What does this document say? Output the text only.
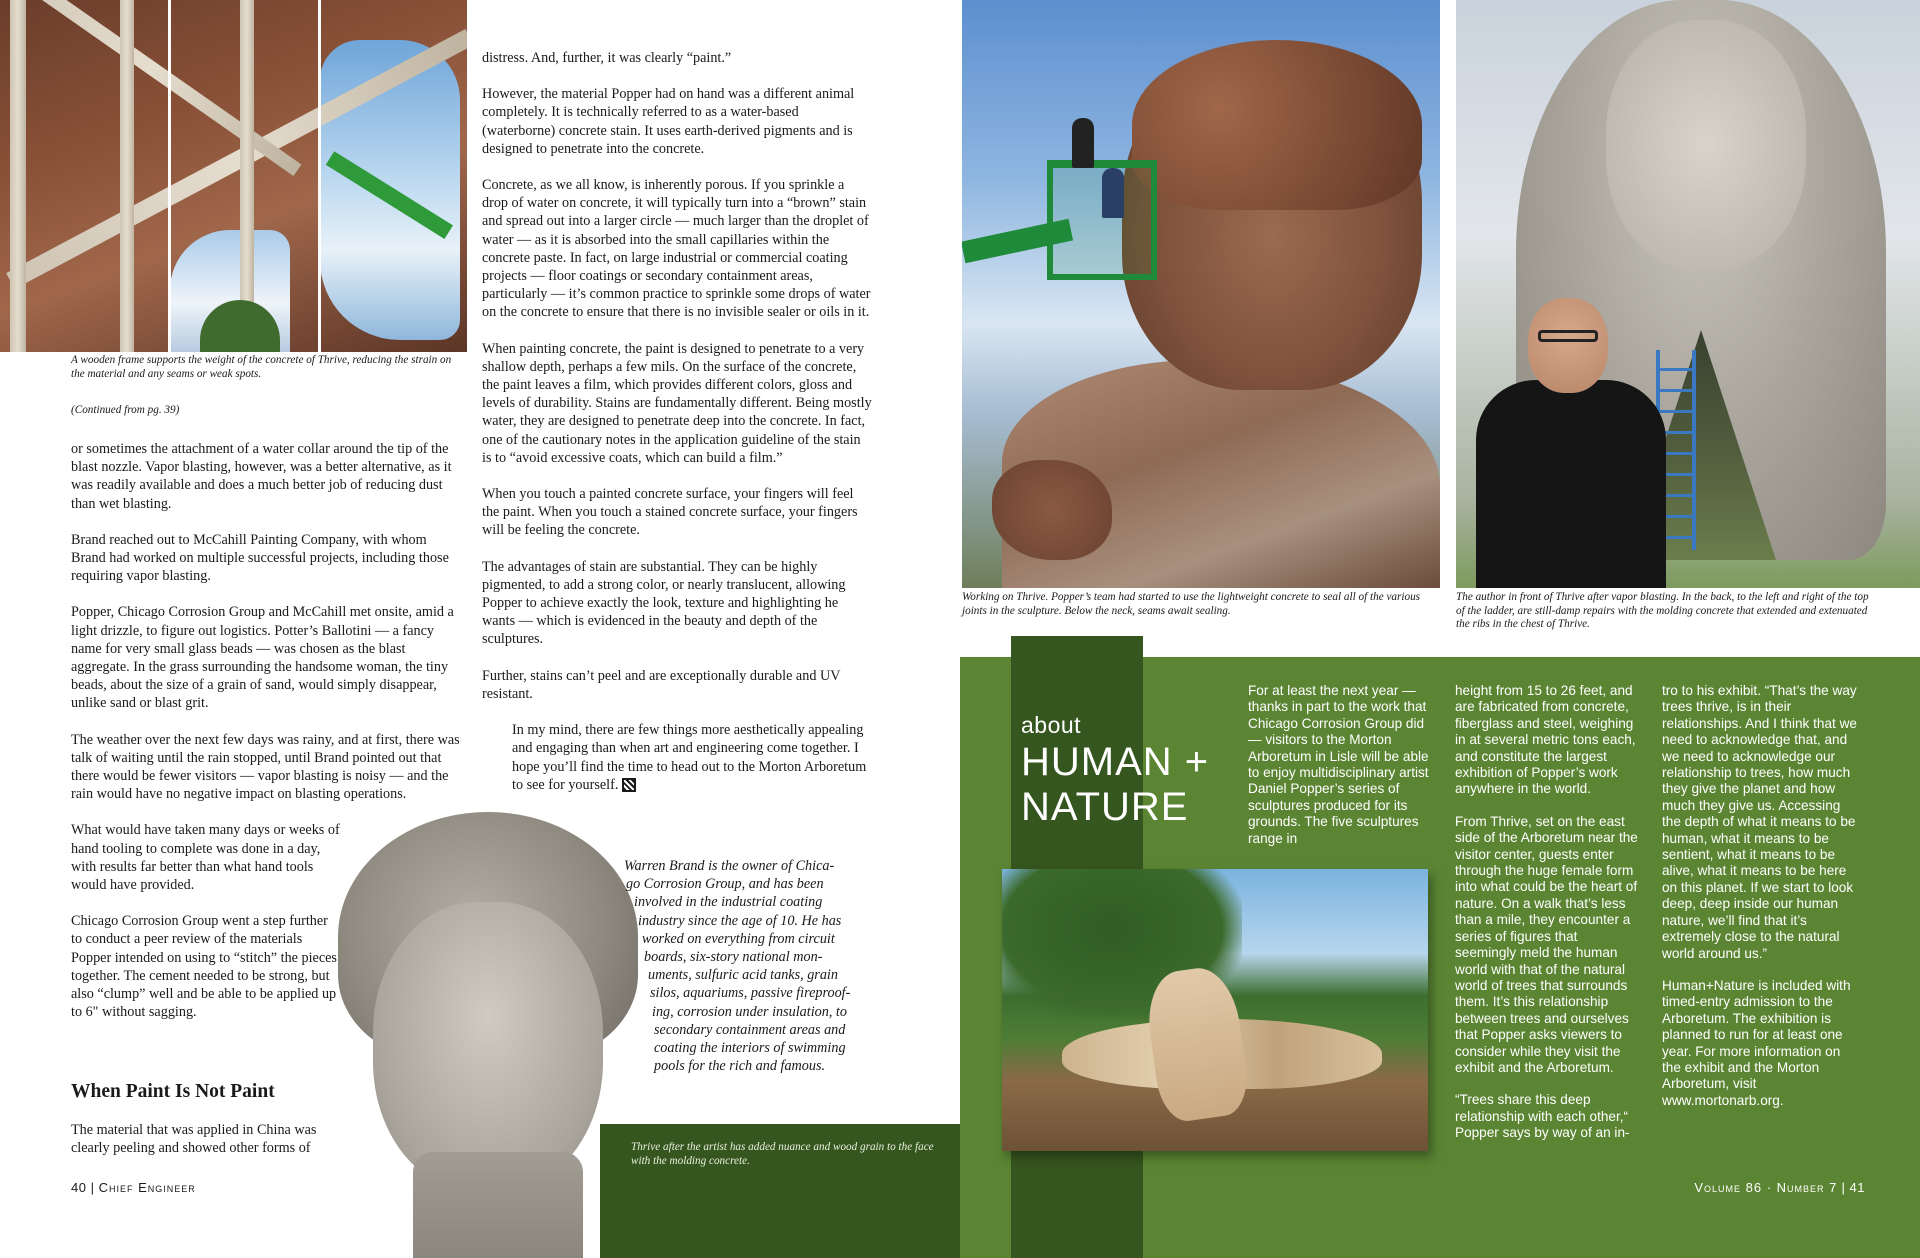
A wooden frame supports the weight of the concrete of Thrive, reducing the strain on the material and any seams or weak spots.
(Continued from pg. 39)

or sometimes the attachment of a water collar around the tip of the blast nozzle. Vapor blasting, however, was a better alternative, as it was readily available and does a much better job of reducing dust than wet blasting.

Brand reached out to McCahill Painting Company, with whom Brand had worked on multiple successful projects, including those requiring vapor blasting.

Popper, Chicago Corrosion Group and McCahill met onsite, amid a light drizzle, to figure out logistics. Potter’s Ballotini — a fancy name for very small glass beads — was chosen as the blast aggregate. In the grass surrounding the handsome woman, the tiny beads, about the size of a grain of sand, would simply disappear, unlike sand or blast grit.

The weather over the next few days was rainy, and at first, there was talk of waiting until the rain stopped, until Brand pointed out that there would be fewer visitors — vapor blasting is noisy — and the rain would have no negative impact on blasting operations.

What would have taken many days or weeks of hand tooling to complete was done in a day, with results far better than what hand tools would have provided.

Chicago Corrosion Group went a step further to conduct a peer review of the materials Popper intended on using to “stitch” the pieces together. The cement needed to be strong, but also “clump” well and be able to be applied up to 6" without sagging.

When Paint Is Not Paint

The material that was applied in China was clearly peeling and showed other forms of

distress. And, further, it was clearly “paint.”

However, the material Popper had on hand was a different animal completely. It is technically referred to as a water-based (waterborne) concrete stain. It uses earth-derived pigments and is designed to penetrate into the concrete.

Concrete, as we all know, is inherently porous. If you sprinkle a drop of water on concrete, it will typically turn into a “brown” stain and spread out into a larger circle — much larger than the droplet of water — as it is absorbed into the small capillaries within the concrete paste. In fact, on large industrial or commercial coating projects — floor coatings or secondary containment areas, particularly — it’s common practice to sprinkle some drops of water on the concrete to ensure that there is no invisible sealer or oils in it.

When painting concrete, the paint is designed to penetrate to a very shallow depth, perhaps a few mils. On the surface of the concrete, the paint leaves a film, which provides different colors, gloss and levels of durability. Stains are fundamentally different. Being mostly water, they are designed to penetrate deep into the concrete. In fact, one of the cautionary notes in the application guideline of the stain is to “avoid excessive coats, which can build a film.”

When you touch a painted concrete surface, your fingers will feel the paint. When you touch a stained concrete surface, your fingers will be feeling the concrete.

The advantages of stain are substantial. They can be highly pigmented, to add a strong color, or nearly translucent, allowing Popper to achieve exactly the look, texture and highlighting he wants — which is evidenced in the beauty and depth of the sculptures.

Further, stains can’t peel and are exceptionally durable and UV resistant.

In my mind, there are few things more aesthetically appealing and engaging than when art and engineering come together. I hope you’ll find the time to head out to the Morton Arboretum to see for yourself.

Thrive after the artist has added nuance and wood grain to the face with the molding concrete.
Warren Brand is the owner of Chica-
go Corrosion Group, and has been
involved in the industrial coating
industry since the age of 10. He has
worked on everything from circuit
boards, six-story national mon-
uments, sulfuric acid tanks, grain
silos, aquariums, passive fireproof-
ing, corrosion under insulation, to
secondary containment areas and
coating the interiors of swimming
pools for the rich and famous.
40 | Chief Engineer
Working on Thrive. Popper’s team had started to use the lightweight concrete to seal all of the various joints in the sculpture. Below the neck, seams await sealing.
The author in front of Thrive after vapor blasting. In the back, to the left and right of the top of the ladder, are still-damp repairs with the molding concrete that extended and extenuated the ribs in the chest of Thrive.
about
HUMAN +
NATURE

For at least the next year — thanks in part to the work that Chicago Corrosion Group did — visitors to the Morton Arboretum in Lisle will be able to enjoy multidisciplinary artist Daniel Popper’s series of sculptures produced for its grounds. The five sculptures range in

height from 15 to 26 feet, and are fabricated from concrete, fiberglass and steel, weighing in at several metric tons each, and constitute the largest exhibition of Popper’s work anywhere in the world.

From Thrive, set on the east side of the Arboretum near the visitor center, guests enter through the huge female form into what could be the heart of nature. On a walk that’s less than a mile, they encounter a series of figures that seemingly meld the human world with that of the natural world of trees that surrounds them. It’s this relationship between trees and ourselves that Popper asks viewers to consider while they visit the exhibit and the Arboretum.

“Trees share this deep relationship with each other,“ Popper says by way of an in-

tro to his exhibit. “That’s the way trees thrive, is in their relationships. And I think that we need to acknowledge that, and we need to acknowledge our relationship to trees, how much they give the planet and how much they give us. Accessing the depth of what it means to be human, what it means to be sentient, what it means to be alive, what it means to be here on this planet. If we start to look deep, deep inside our human nature, we’ll find that it’s extremely close to the natural world around us.”

Human+Nature is included with timed-entry admission to the Arboretum. The exhibition is planned to run for at least one year. For more information on the exhibit and the Morton Arboretum, visit www.mortonarb.org.

Volume 86 · Number 7 | 41
